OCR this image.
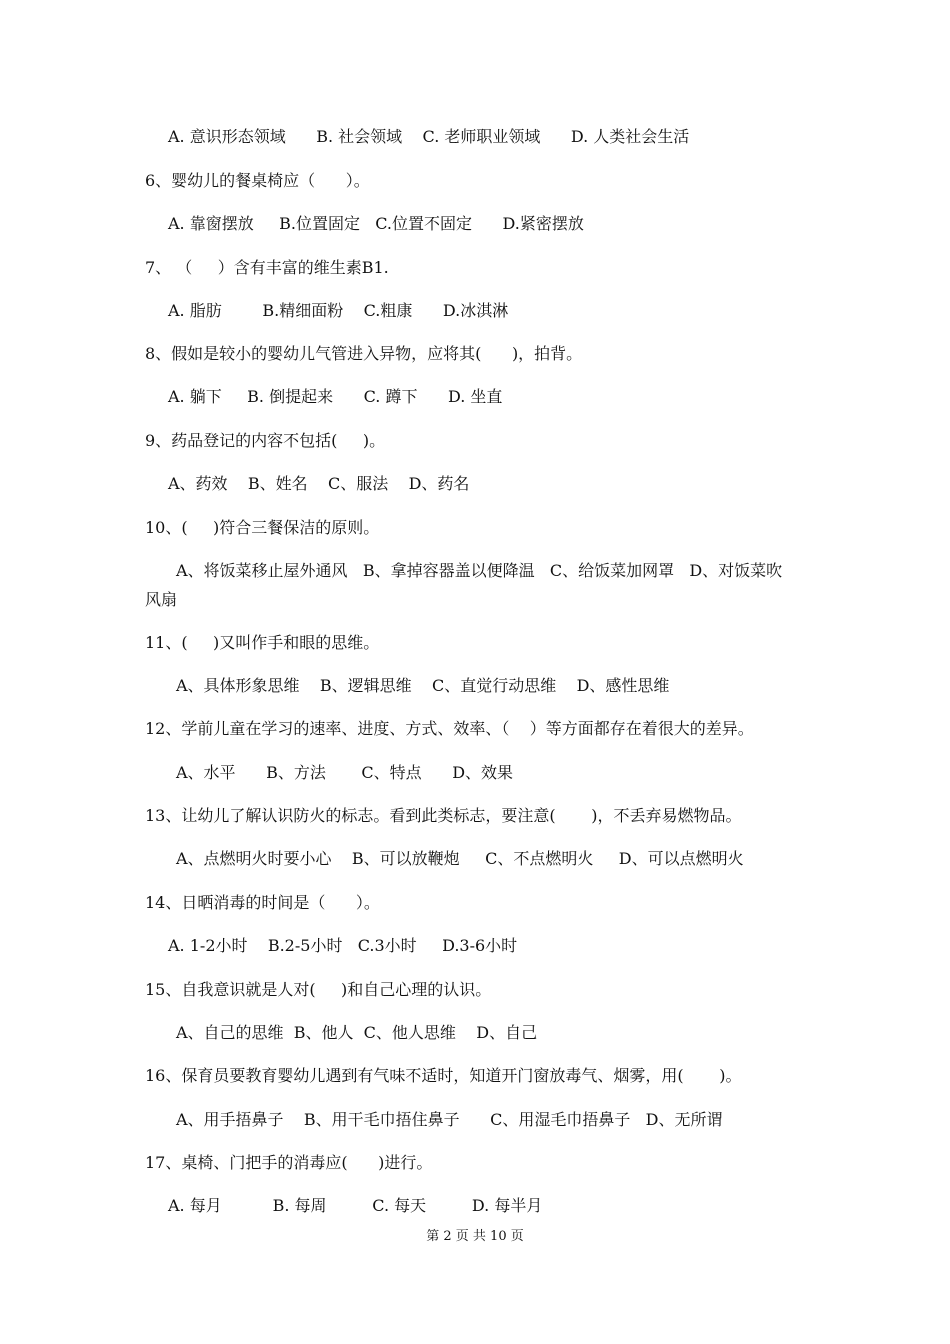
A. 意识形态领域      B. 社会领域    C. 老师职业领域      D. 人类社会生活
6、婴幼儿的餐桌椅应（      ）。
A. 靠窗摆放     B.位置固定   C.位置不固定      D.紧密摆放
7、 （     ）含有丰富的维生素B1.
A. 脂肪        B.精细面粉    C.粗康      D.冰淇淋
8、假如是较小的婴幼儿气管进入异物，应将其(      )，拍背。
A. 躺下     B. 倒提起来      C. 蹲下      D. 坐直
9、药品登记的内容不包括(     )。
A、药效    B、姓名    C、服法    D、药名
10、(     )符合三餐保洁的原则。
A、将饭菜移止屋外通风   B、拿掉容器盖以便降温   C、给饭菜加网罩   D、对饭菜吹
风扇
11、(     )又叫作手和眼的思维。
A、具体形象思维    B、逻辑思维    C、直觉行动思维    D、感性思维
12、学前儿童在学习的速率、进度、方式、效率、（    ）等方面都存在着很大的差异。
A、水平      B、方法       C、特点      D、效果
13、让幼儿了解认识防火的标志。看到此类标志，要注意(       )，不丢弃易燃物品。
A、点燃明火时要小心    B、可以放鞭炮     C、不点燃明火     D、可以点燃明火
14、日晒消毒的时间是（      ）。
A. 1-2小时    B.2-5小时   C.3小时     D.3-6小时
15、自我意识就是人对(     )和自己心理的认识。
A、自己的思维  B、他人  C、他人思维    D、自己
16、保育员要教育婴幼儿遇到有气味不适时，知道开门窗放毒气、烟雾，用(       )。
A、用手捂鼻子    B、用干毛巾捂住鼻子      C、用湿毛巾捂鼻子   D、无所谓
17、桌椅、门把手的消毒应(      )进行。
A. 每月          B. 每周         C. 每天         D. 每半月
第 2 页 共 10 页
